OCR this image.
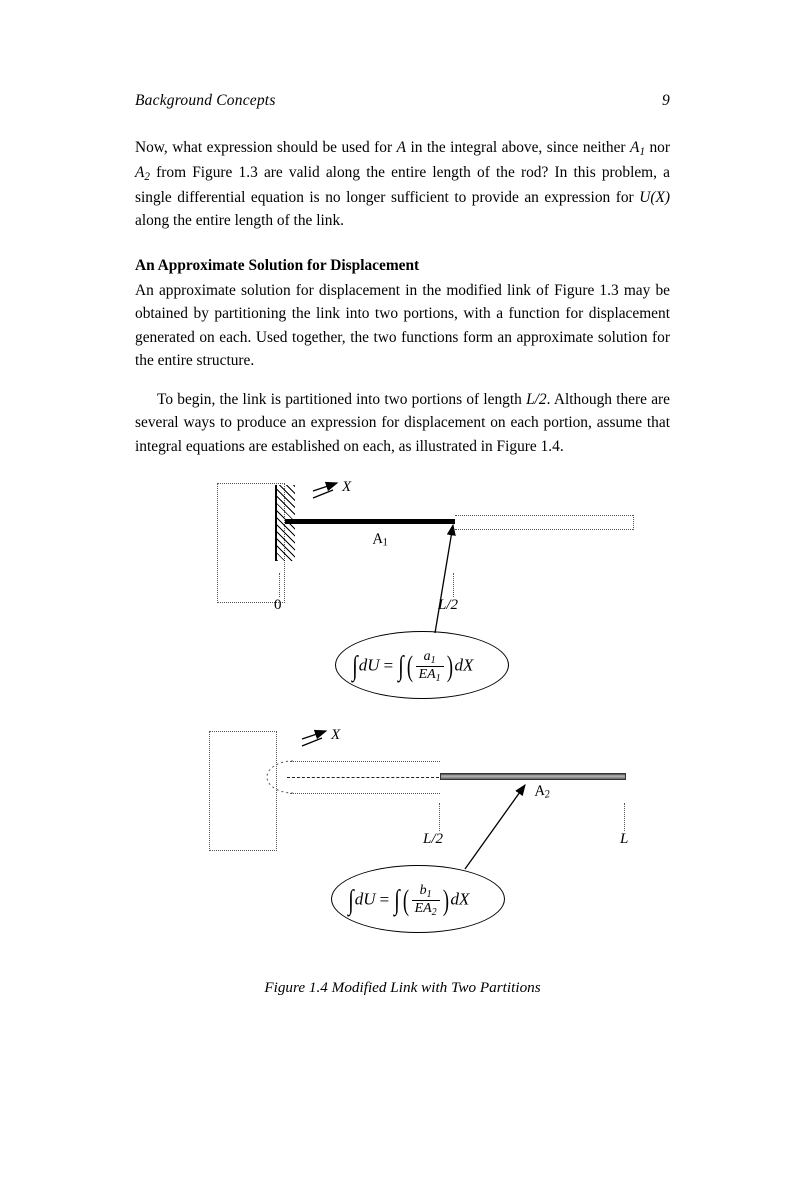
Background Concepts	9

Now, what expression should be used for A in the integral above, since neither $A_1$ nor $A_2$ from Figure 1.3 are valid along the entire length of the rod? In this problem, a single differential equation is no longer sufficient to provide an expression for U(X) along the entire length of the link.

An Approximate Solution for Displacement

An approximate solution for displacement in the modified link of Figure 1.3 may be obtained by partitioning the link into two portions, with a function for displacement generated on each. Used together, the two functions form an approximate solution for the entire structure.

To begin, the link is partitioned into two portions of length L/2. Although there are several ways to produce an expression for displacement on each portion, assume that integral equations are established on each, as illustrated in Figure 1.4.

X
$A_1$
0	L/2
∫dU = ∫( $\frac{a_1}{EA_1}$ ) dX
X
$A_2$
L/2	L
∫dU = ∫( $\frac{b_1}{EA_2}$ ) dX
Figure 1.4 Modified Link with Two Partitions
